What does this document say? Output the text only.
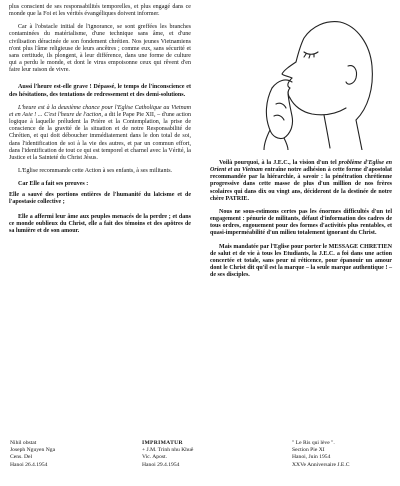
plus conscient de ses responsabilités temporelles, et plus engagé dans ce monde que la Foi et les vérités évangéliques doivent informer.

Car à l'obstacle initial de l'ignorance, se sont greffées les branches contaminées du matérialisme, d'une technique sans âme, et d'une civilisation déracinée de son fondement chrétien. Nos jeunes Vietnamiens n'ont plus l'âme religieuse de leurs ancêtres ; comme eux, sans sécurité et sans certitude, ils plongent, à leur différence, dans une forme de culture qui a perdu le monde, et dont le virus empoisonne ceux qui rêvent d'en faire leur raison de vivre.

Aussi l'heure est-elle grave ! Dépassé, le temps de l'inconscience et des hésitations, des tentations de redressement et des demi-solutions.

L'heure est à la deuxième chance pour l'Eglise Catholique au Vietnam et en Asie ! ... C'est l'heure de l'action, a dit le Pape Pie XII, – d'une action logique à laquelle préludent la Prière et la Contemplation, la prise de conscience de la gravité de la situation et de notre Responsabilité de Chrétien, et qui doit déboucher immédiatement dans le don total de soi, dans l'identification de soi à la vie des autres, et par un commun effort, dans l'identification de tout ce qui est temporel et charnel avec la Vérité, la Justice et la Sainteté du Christ Jésus.

L'Eglise recommande cette Action à ses enfants, à ses militants.

Car Elle a fait ses preuves :

Elle a sauvé des portions entières de l'humanité du laïcisme et de l'apostasie collective ;

Elle a affermi leur âme aux peuples menacés de la perdre ; et dans ce monde oublieux du Christ, elle a fait des témoins et des apôtres de sa lumière et de son amour.

Voilà pourquoi, à la J.E.C., la vision d'un tel problème d'Eglise en Orient et au Vietnam entraîne notre adhésion à cette forme d'apostolat recommandée par la hiérarchie, à savoir : la pénétration chrétienne progressive dans cette masse de plus d'un million de nos frères scolaires qui dans dix ou vingt ans, décideront de la destinée de notre chère PATRIE.

Nous ne sous-estimons certes pas les énormes difficultés d'un tel engagement : pénurie de militants, défaut d'information des cadres de tous ordres, engouement pour des formes d'activités plus rentables, et quasi-imperméabilité d'un milieu totalement ignorant du Christ.

Mais mandatée par l'Eglise pour porter le MESSAGE CHRETIEN de salut et de vie à tous les Etudiants, la J.E.C. a foi dans une action concertée et totale, sans peur ni réticence, pour épanouir un amour dont le Christ dit qu'il est la marque – la seule marque authentique ! – de ses disciples.

Nihil obstat
Joseph Nguyen Nga
Cens. Del
Hanoi 26.4.1954
IMPRIMATUR
+ J.M. Trinh nhu Khuê
Vic. Apost.
Hanoi 29.4.1954
" Le Ris qui lève ".
Section Pie XI
Hanoi, Juin 1954
XXVe Anniversaire J.E.C
